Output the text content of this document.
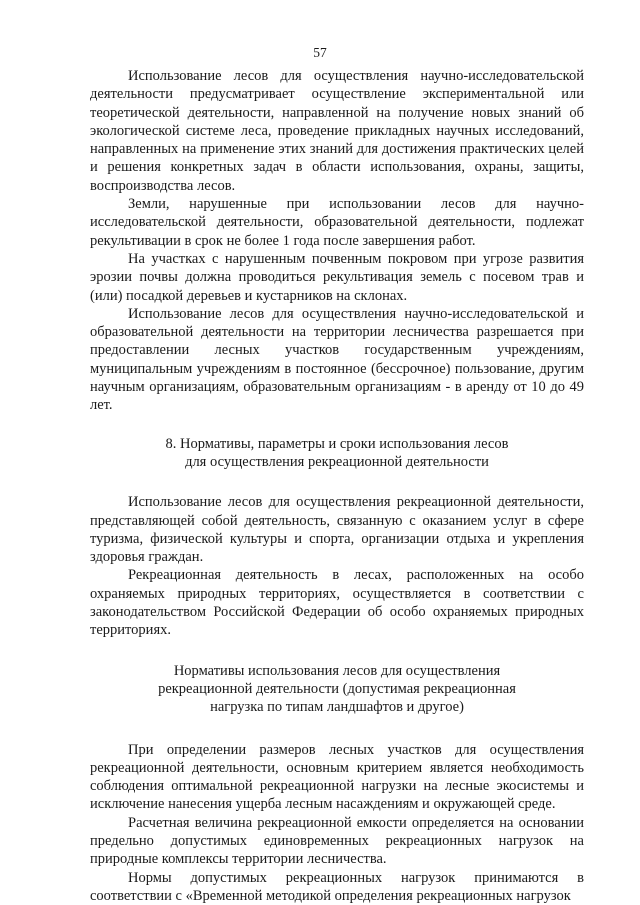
57

Использование лесов для осуществления научно-исследовательской деятельности предусматривает осуществление экспериментальной или теоретической деятельности, направленной на получение новых знаний об экологической системе леса, проведение прикладных научных исследований, направленных на применение этих знаний для достижения практических целей и решения конкретных задач в области использования, охраны, защиты, воспроизводства лесов.

Земли, нарушенные при использовании лесов для научно-исследовательской деятельности, образовательной деятельности, подлежат рекультивации в срок не более 1 года после завершения работ.

На участках с нарушенным почвенным покровом при угрозе развития эрозии почвы должна проводиться рекультивация земель с посевом трав и (или) посадкой деревьев и кустарников на склонах.

Использование лесов для осуществления научно-исследовательской и образовательной деятельности на территории лесничества разрешается при предоставлении лесных участков государственным учреждениям, муниципальным учреждениям в постоянное (бессрочное) пользование, другим научным организациям, образовательным организациям - в аренду от 10 до 49 лет.

8. Нормативы, параметры и сроки использования лесов
для осуществления рекреационной деятельности

Использование лесов для осуществления рекреационной деятельности, представляющей собой деятельность, связанную с оказанием услуг в сфере туризма, физической культуры и спорта, организации отдыха и укрепления здоровья граждан.

Рекреационная деятельность в лесах, расположенных на особо охраняемых природных территориях, осуществляется в соответствии с законодательством Российской Федерации об особо охраняемых природных территориях.

Нормативы использования лесов для осуществления
рекреационной деятельности (допустимая рекреационная
нагрузка по типам ландшафтов и другое)

При определении размеров лесных участков для осуществления рекреационной деятельности, основным критерием является необходимость соблюдения оптимальной рекреационной нагрузки на лесные экосистемы и исключение нанесения ущерба лесным насаждениям и окружающей среде.

Расчетная величина рекреационной емкости определяется на основании предельно допустимых единовременных рекреационных нагрузок на природные комплексы территории лесничества.

Нормы допустимых рекреационных нагрузок принимаются в соответствии с «Временной методикой определения рекреационных нагрузок
